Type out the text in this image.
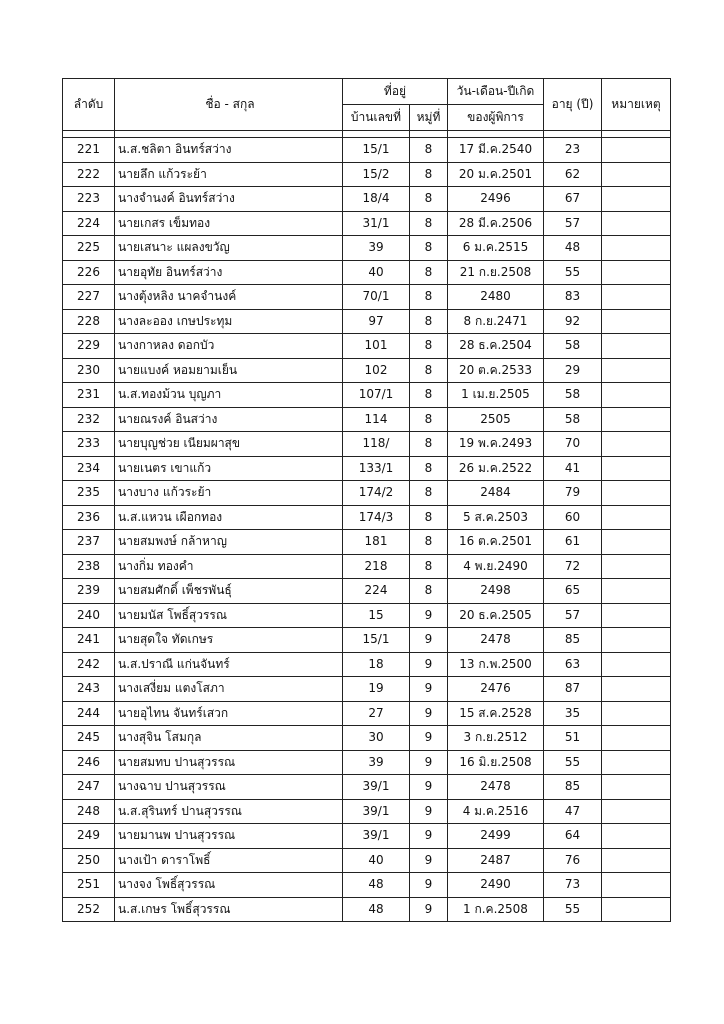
ลำดับ	ชื่อ - สกุล	ที่อยู่		วัน-เดือน-ปีเกิด	อายุ (ปี)	หมายเหตุ
		บ้านเลขที่	หมู่ที่	ของผู้พิการ		

221	น.ส.ชลิตา อินทร์สว่าง	15/1	8	17 มี.ค.2540	23	
222	นายลึก แก้วระย้า	15/2	8	20 ม.ค.2501	62	
223	นางจำนงค์ อินทร์สว่าง	18/4	8	2496	67	
224	นายเกสร เข็มทอง	31/1	8	28 มี.ค.2506	57	
225	นายเสนาะ แผลงขวัญ	39	8	6 ม.ค.2515	48	
226	นายอุทัย อินทร์สว่าง	40	8	21 ก.ย.2508	55	
227	นางตุ้งหลิง นาคจำนงค์	70/1	8	2480	83	
228	นางละออง เกษประทุม	97	8	8 ก.ย.2471	92	
229	นางกาหลง ดอกบัว	101	8	28 ธ.ค.2504	58	
230	นายแบงค์ หอมยามเย็น	102	8	20 ต.ค.2533	29	
231	น.ส.ทองม้วน บุญภา	107/1	8	1 เม.ย.2505	58	
232	นายณรงค์ อินสว่าง	114	8	2505	58	
233	นายบุญช่วย เนียมผาสุข	118/	8	19 พ.ค.2493	70	
234	นายเนตร เขาแก้ว	133/1	8	26 ม.ค.2522	41	
235	นางบาง แก้วระย้า	174/2	8	2484	79	
236	น.ส.แหวน เผือกทอง	174/3	8	5 ส.ค.2503	60	
237	นายสมพงษ์ กล้าหาญ	181	8	16 ต.ค.2501	61	
238	นางกิ่ม ทองคำ	218	8	4 พ.ย.2490	72	
239	นายสมศักดิ์ เพ็ชรพันธุ์	224	8	2498	65	
240	นายมนัส โพธิ์สุวรรณ	15	9	20 ธ.ค.2505	57	
241	นายสุดใจ ทัดเกษร	15/1	9	2478	85	
242	น.ส.ปราณี แก่นจันทร์	18	9	13 ก.พ.2500	63	
243	นางเสงี่ยม แตงโสภา	19	9	2476	87	
244	นายอุไทน จันทร์เสวก	27	9	15 ส.ค.2528	35	
245	นางสุจิน โสมกุล	30	9	3 ก.ย.2512	51	
246	นายสมทบ ปานสุวรรณ	39	9	16 มิ.ย.2508	55	
247	นางฉาบ ปานสุวรรณ	39/1	9	2478	85	
248	น.ส.สุรินทร์ ปานสุวรรณ	39/1	9	4 ม.ค.2516	47	
249	นายมานพ ปานสุวรรณ	39/1	9	2499	64	
250	นางเป้า ดาราโพธิ์	40	9	2487	76	
251	นางจง โพธิ์สุวรรณ	48	9	2490	73	
252	น.ส.เกษร โพธิ์สุวรรณ	48	9	1 ก.ค.2508	55	
